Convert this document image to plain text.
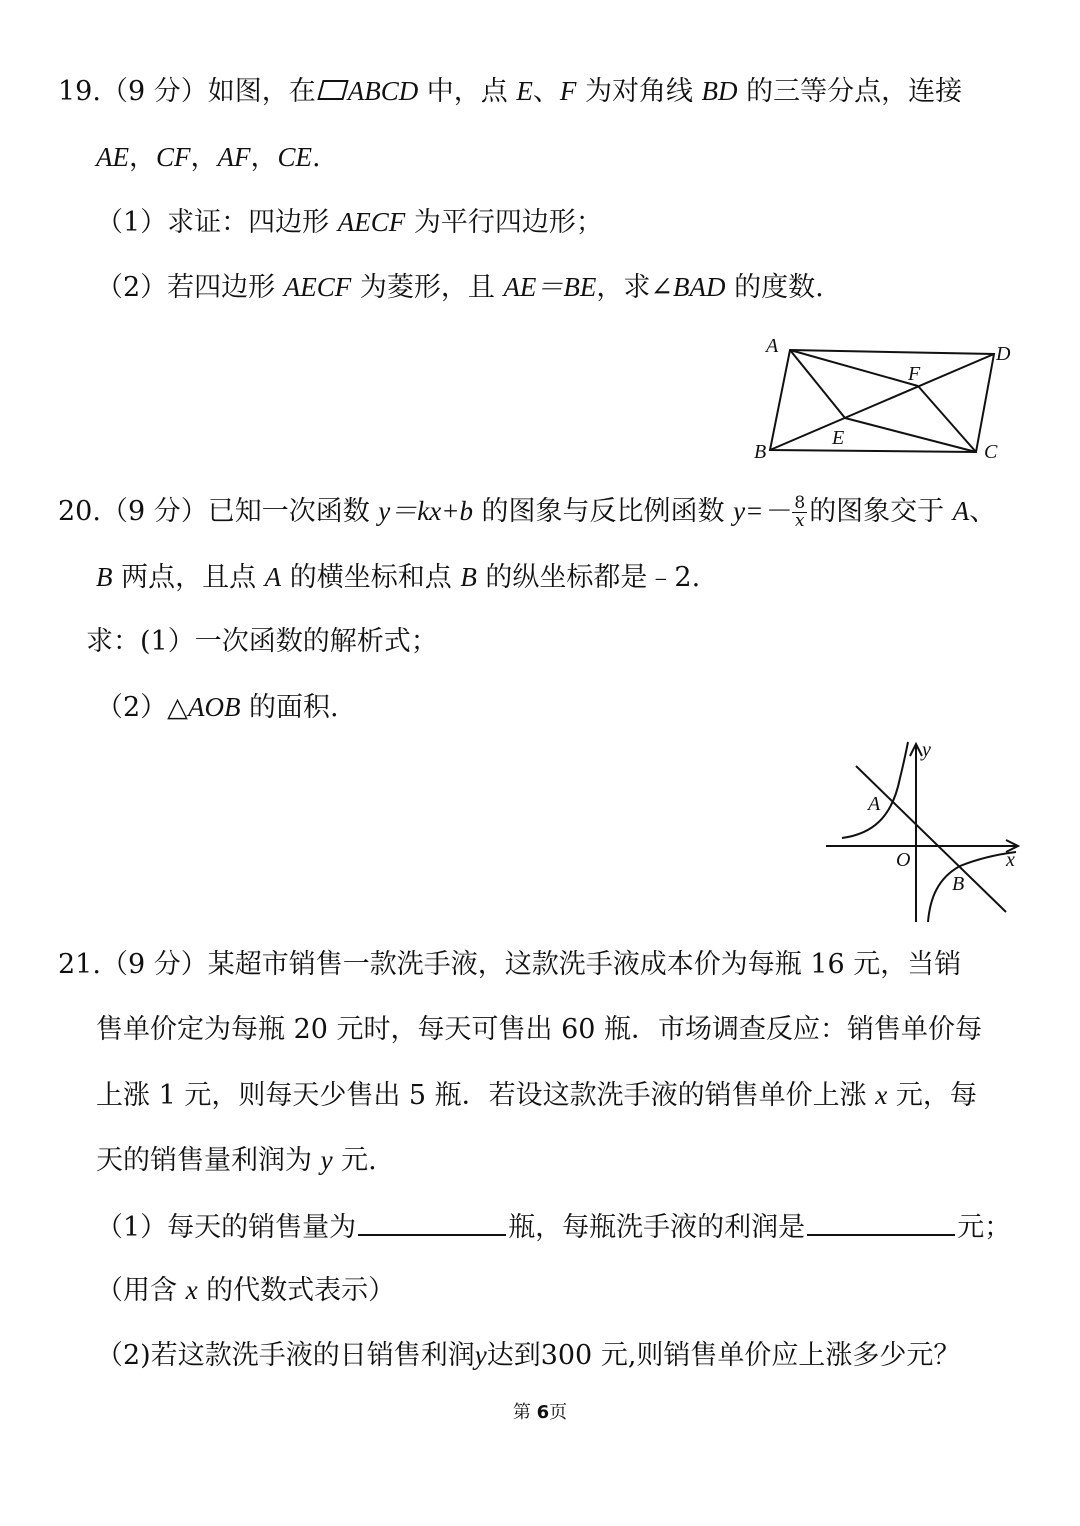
19.（9 分）如图，在 ABCD 中，点 E、F 为对角线 BD 的三等分点，连接
AE，CF，AF，CE.
（1）求证：四边形 AECF 为平行四边形；
（2）若四边形 AECF 为菱形，且 AE＝BE，求∠BAD 的度数.
A	D
F
E
B	C
20.（9 分）已知一次函数 y＝kx+b 的图象与反比例函数 $y=- \frac{8}{x}$ 的图象交于 A、
B 两点，且点 A 的横坐标和点 B 的纵坐标都是﹣2.
求：(1）一次函数的解析式；
（2）△AOB 的面积.
y
x
O
A
B
21.（9 分）某超市销售一款洗手液，这款洗手液成本价为每瓶 16 元，当销
售单价定为每瓶 20 元时，每天可售出 60 瓶．市场调查反应：销售单价每
上涨 1 元，则每天少售出 5 瓶．若设这款洗手液的销售单价上涨 x 元，每
天的销售量利润为 y 元.
（1）每天的销售量为	瓶，每瓶洗手液的利润是	元；
（用含 x 的代数式表示）
（2)若这款洗手液的日销售利润y达到300 元,则销售单价应上涨多少元？
第 6页
